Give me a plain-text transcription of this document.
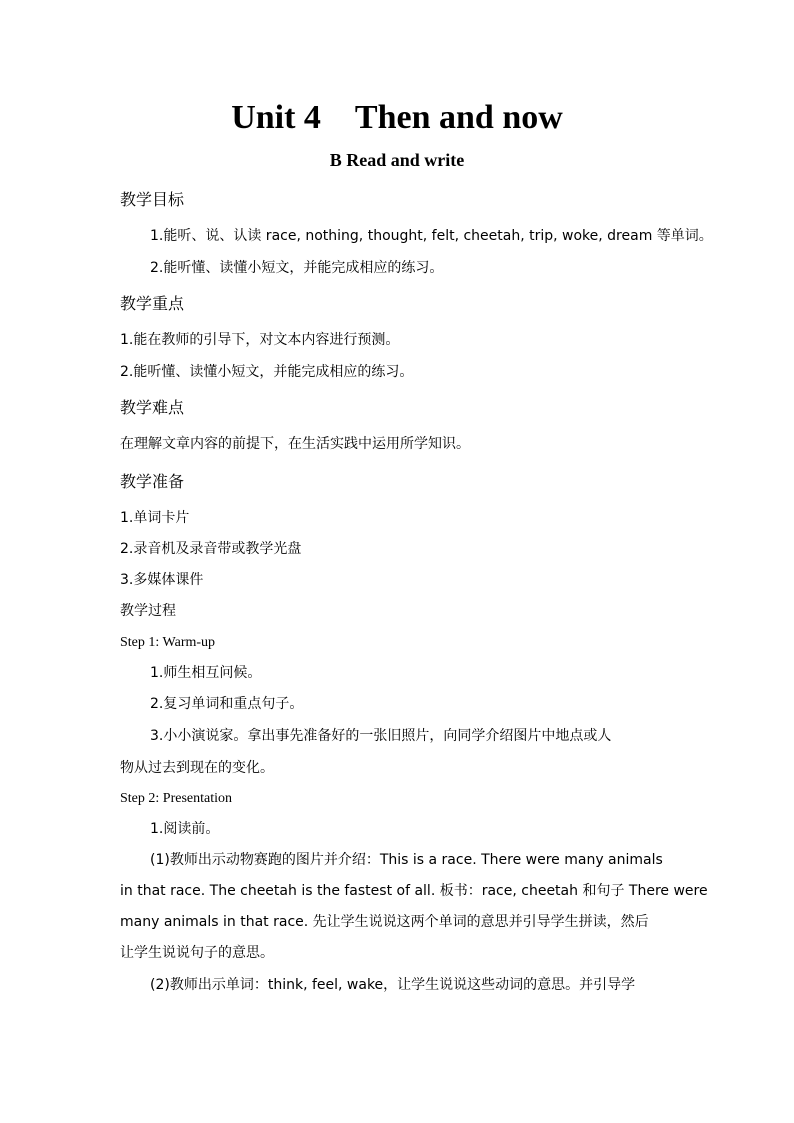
Unit 4　Then and now
B Read and write
教学目标
1.能听、说、认读 race, nothing, thought, felt, cheetah, trip, woke, dream 等单词。
2.能听懂、读懂小短文，并能完成相应的练习。
教学重点
1.能在教师的引导下，对文本内容进行预测。
2.能听懂、读懂小短文，并能完成相应的练习。
教学难点
在理解文章内容的前提下，在生活实践中运用所学知识。
教学准备
1.单词卡片
2.录音机及录音带或教学光盘
3.多媒体课件
教学过程
Step 1: Warm-up
1.师生相互问候。
2.复习单词和重点句子。
3.小小演说家。拿出事先准备好的一张旧照片，向同学介绍图片中地点或人
物从过去到现在的变化。
Step 2: Presentation
1.阅读前。
(1)教师出示动物赛跑的图片并介绍：This is a race. There were many animals
in that race. The cheetah is the fastest of all. 板书：race, cheetah 和句子 There were
many animals in that race. 先让学生说说这两个单词的意思并引导学生拼读，然后
让学生说说句子的意思。
(2)教师出示单词：think, feel, wake，让学生说说这些动词的意思。并引导学
